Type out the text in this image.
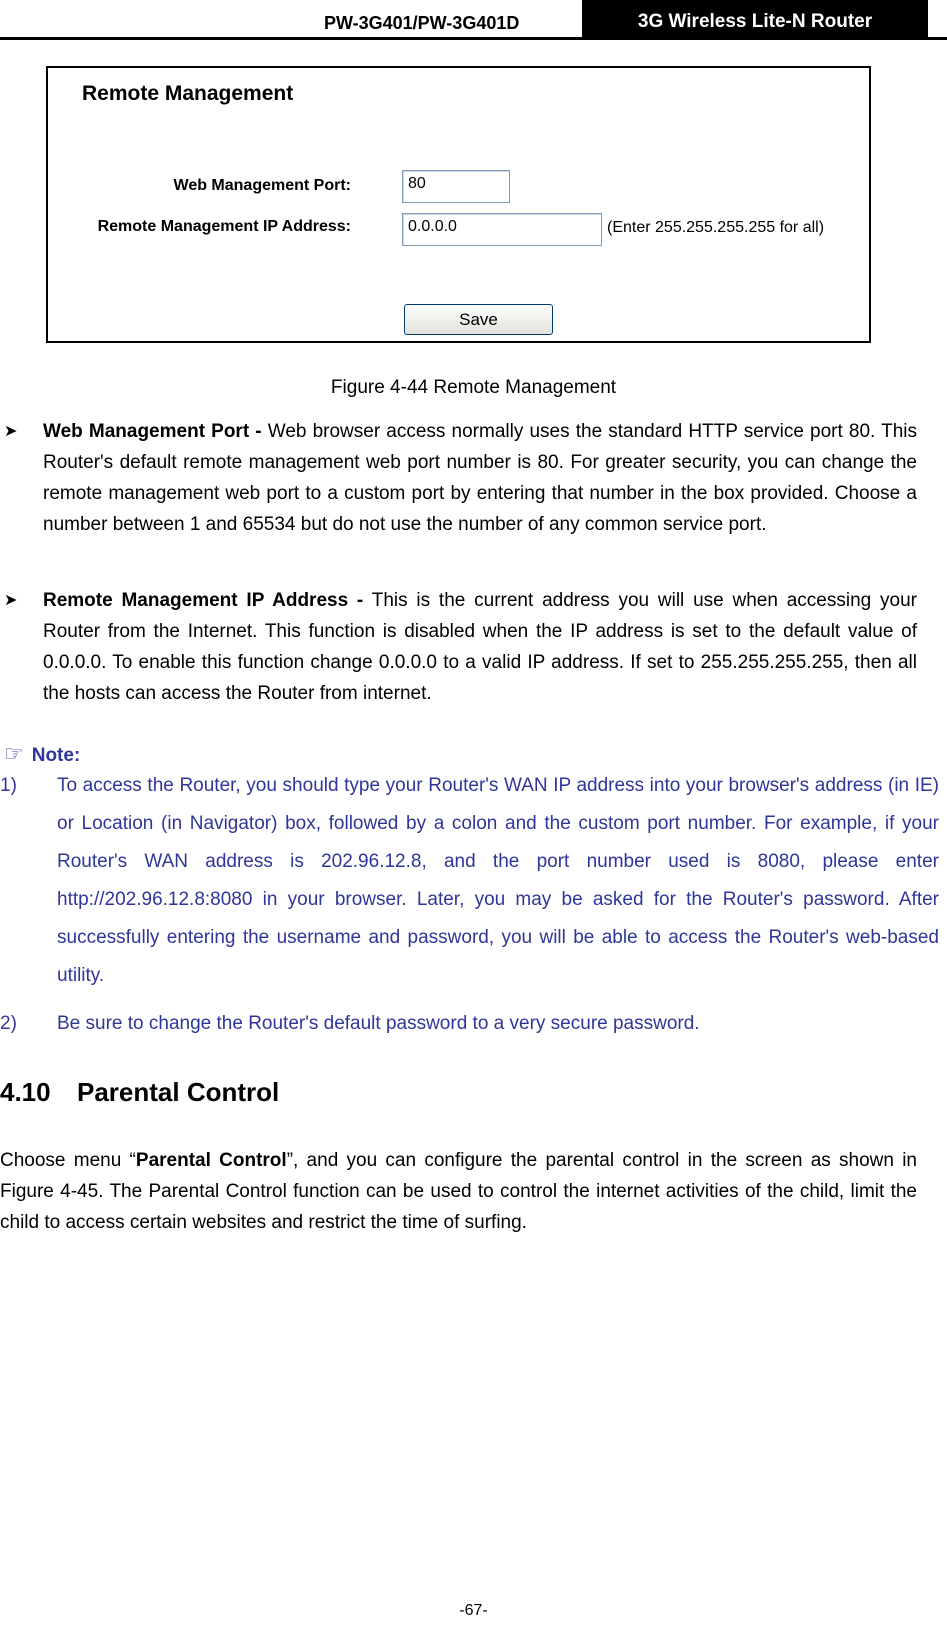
PW-3G401/PW-3G401D	3G Wireless Lite-N Router
Remote Management
Web Management Port:	80
Remote Management IP Address:	0.0.0.0	(Enter 255.255.255.255 for all)
Save
Figure 4-44 Remote Management
➤ Web Management Port - Web browser access normally uses the standard HTTP service port 80. This Router's default remote management web port number is 80. For greater security, you can change the remote management web port to a custom port by entering that number in the box provided. Choose a number between 1 and 65534 but do not use the number of any common service port.
➤ Remote Management IP Address - This is the current address you will use when accessing your Router from the Internet. This function is disabled when the IP address is set to the default value of 0.0.0.0. To enable this function change 0.0.0.0 to a valid IP address. If set to 255.255.255.255, then all the hosts can access the Router from internet.
☞ Note:
1) To access the Router, you should type your Router's WAN IP address into your browser's address (in IE) or Location (in Navigator) box, followed by a colon and the custom port number. For example, if your Router's WAN address is 202.96.12.8, and the port number used is 8080, please enter http://202.96.12.8:8080 in your browser. Later, you may be asked for the Router's password. After successfully entering the username and password, you will be able to access the Router's web-based utility.
2) Be sure to change the Router's default password to a very secure password.
4.10 Parental Control
Choose menu “Parental Control”, and you can configure the parental control in the screen as shown in Figure 4-45. The Parental Control function can be used to control the internet activities of the child, limit the child to access certain websites and restrict the time of surfing.
-67-
